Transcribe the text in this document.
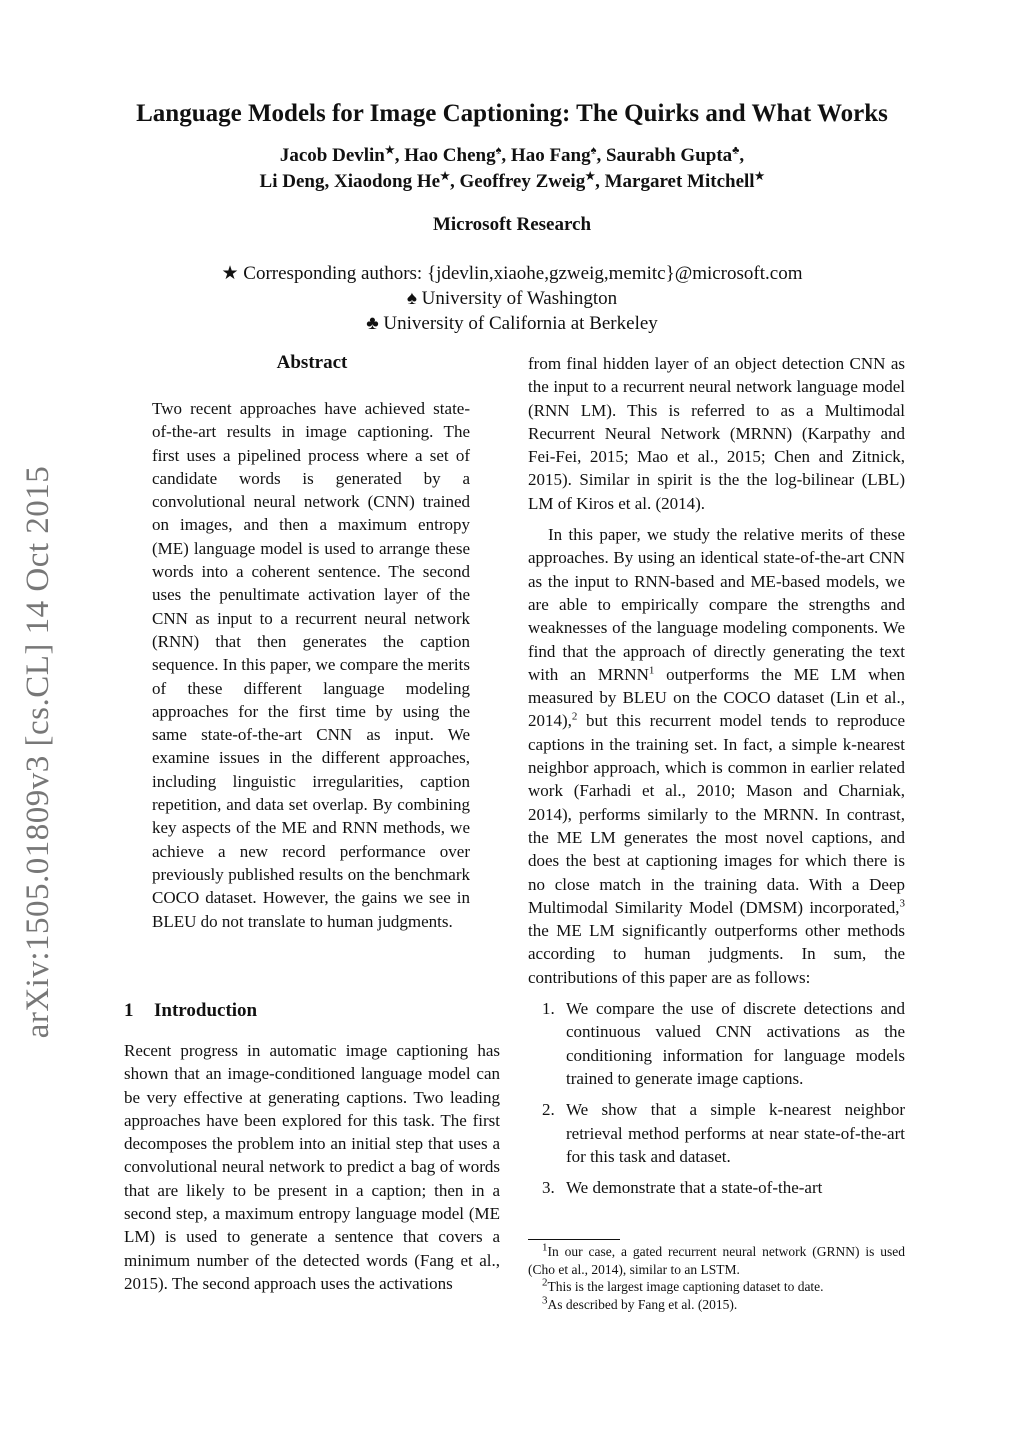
arXiv:1505.01809v3 [cs.CL] 14 Oct 2015
Language Models for Image Captioning: The Quirks and What Works
Jacob Devlin★, Hao Cheng♠, Hao Fang♠, Saurabh Gupta♣,
Li Deng, Xiaodong He★, Geoffrey Zweig★, Margaret Mitchell★
Microsoft Research
★ Corresponding authors: {jdevlin,xiaohe,gzweig,memitc}@microsoft.com
♠ University of Washington
♣ University of California at Berkeley
Abstract

Two recent approaches have achieved state-of-the-art results in image captioning. The first uses a pipelined process where a set of candidate words is generated by a convolutional neural network (CNN) trained on images, and then a maximum entropy (ME) language model is used to arrange these words into a coherent sentence. The second uses the penultimate activation layer of the CNN as input to a recurrent neural network (RNN) that then generates the caption sequence. In this paper, we compare the merits of these different language modeling approaches for the first time by using the same state-of-the-art CNN as input. We examine issues in the different approaches, including linguistic irregularities, caption repetition, and data set overlap. By combining key aspects of the ME and RNN methods, we achieve a new record performance over previously published results on the benchmark COCO dataset. However, the gains we see in BLEU do not translate to human judgments.

1 Introduction

Recent progress in automatic image captioning has shown that an image-conditioned language model can be very effective at generating captions. Two leading approaches have been explored for this task. The first decomposes the problem into an initial step that uses a convolutional neural network to predict a bag of words that are likely to be present in a caption; then in a second step, a maximum entropy language model (ME LM) is used to generate a sentence that covers a minimum number of the detected words (Fang et al., 2015). The second approach uses the activations

from final hidden layer of an object detection CNN as the input to a recurrent neural network language model (RNN LM). This is referred to as a Multimodal Recurrent Neural Network (MRNN) (Karpathy and Fei-Fei, 2015; Mao et al., 2015; Chen and Zitnick, 2015). Similar in spirit is the the log-bilinear (LBL) LM of Kiros et al. (2014).

In this paper, we study the relative merits of these approaches. By using an identical state-of-the-art CNN as the input to RNN-based and ME-based models, we are able to empirically compare the strengths and weaknesses of the language modeling components. We find that the approach of directly generating the text with an MRNN$^1$ outperforms the ME LM when measured by BLEU on the COCO dataset (Lin et al., 2014),$^2$ but this recurrent model tends to reproduce captions in the training set. In fact, a simple k-nearest neighbor approach, which is common in earlier related work (Farhadi et al., 2010; Mason and Charniak, 2014), performs similarly to the MRNN. In contrast, the ME LM generates the most novel captions, and does the best at captioning images for which there is no close match in the training data. With a Deep Multimodal Similarity Model (DMSM) incorporated,$^3$ the ME LM significantly outperforms other methods according to human judgments. In sum, the contributions of this paper are as follows:

1. We compare the use of discrete detections and continuous valued CNN activations as the conditioning information for language models trained to generate image captions.
2. We show that a simple k-nearest neighbor retrieval method performs at near state-of-the-art for this task and dataset.
3. We demonstrate that a state-of-the-art

$^1$In our case, a gated recurrent neural network (GRNN) is used (Cho et al., 2014), similar to an LSTM.

$^2$This is the largest image captioning dataset to date.

$^3$As described by Fang et al. (2015).
